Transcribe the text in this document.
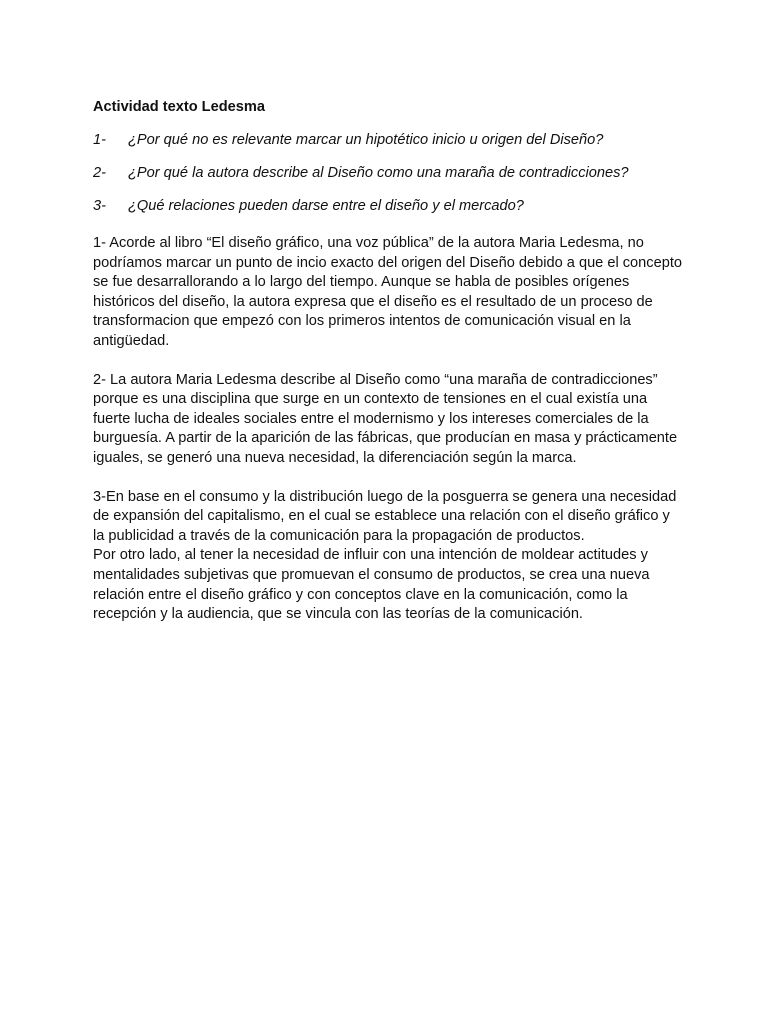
Actividad texto Ledesma
1-	¿Por qué no es relevante marcar un hipotético inicio u origen del Diseño?
2-	¿Por qué la autora describe al Diseño como una maraña de contradicciones?
3-	¿Qué relaciones pueden darse entre el diseño y el mercado?

1- Acorde al libro “El diseño gráfico, una voz pública” de la autora Maria Ledesma, no podríamos marcar un punto de incio exacto del origen del Diseño debido a que el concepto se fue desarrallorando a lo largo del tiempo. Aunque se habla de posibles orígenes históricos del diseño, la autora expresa que el diseño es el resultado de un proceso de transformacion que empezó con los primeros intentos de comunicación visual en la antigüedad.

2- La autora Maria Ledesma describe al Diseño como “una maraña de contradicciones” porque es una disciplina que surge en un contexto de tensiones en el cual existía una fuerte lucha de ideales sociales entre el modernismo y los intereses comerciales de la burguesía. A partir de la aparición de las fábricas, que producían en masa y prácticamente iguales, se generó una nueva necesidad, la diferenciación según la marca.

3-En base en el consumo y la distribución luego de la posguerra se genera una necesidad de expansión del capitalismo, en el cual se establece una relación con el diseño gráfico y la publicidad a través de la comunicación para la propagación de productos.

Por otro lado, al tener la necesidad de influir con una intención de moldear actitudes y mentalidades subjetivas que promuevan el consumo de productos, se crea una nueva relación entre el diseño gráfico y con conceptos clave en la comunicación, como la recepción y la audiencia, que se vincula con las teorías de la comunicación.
